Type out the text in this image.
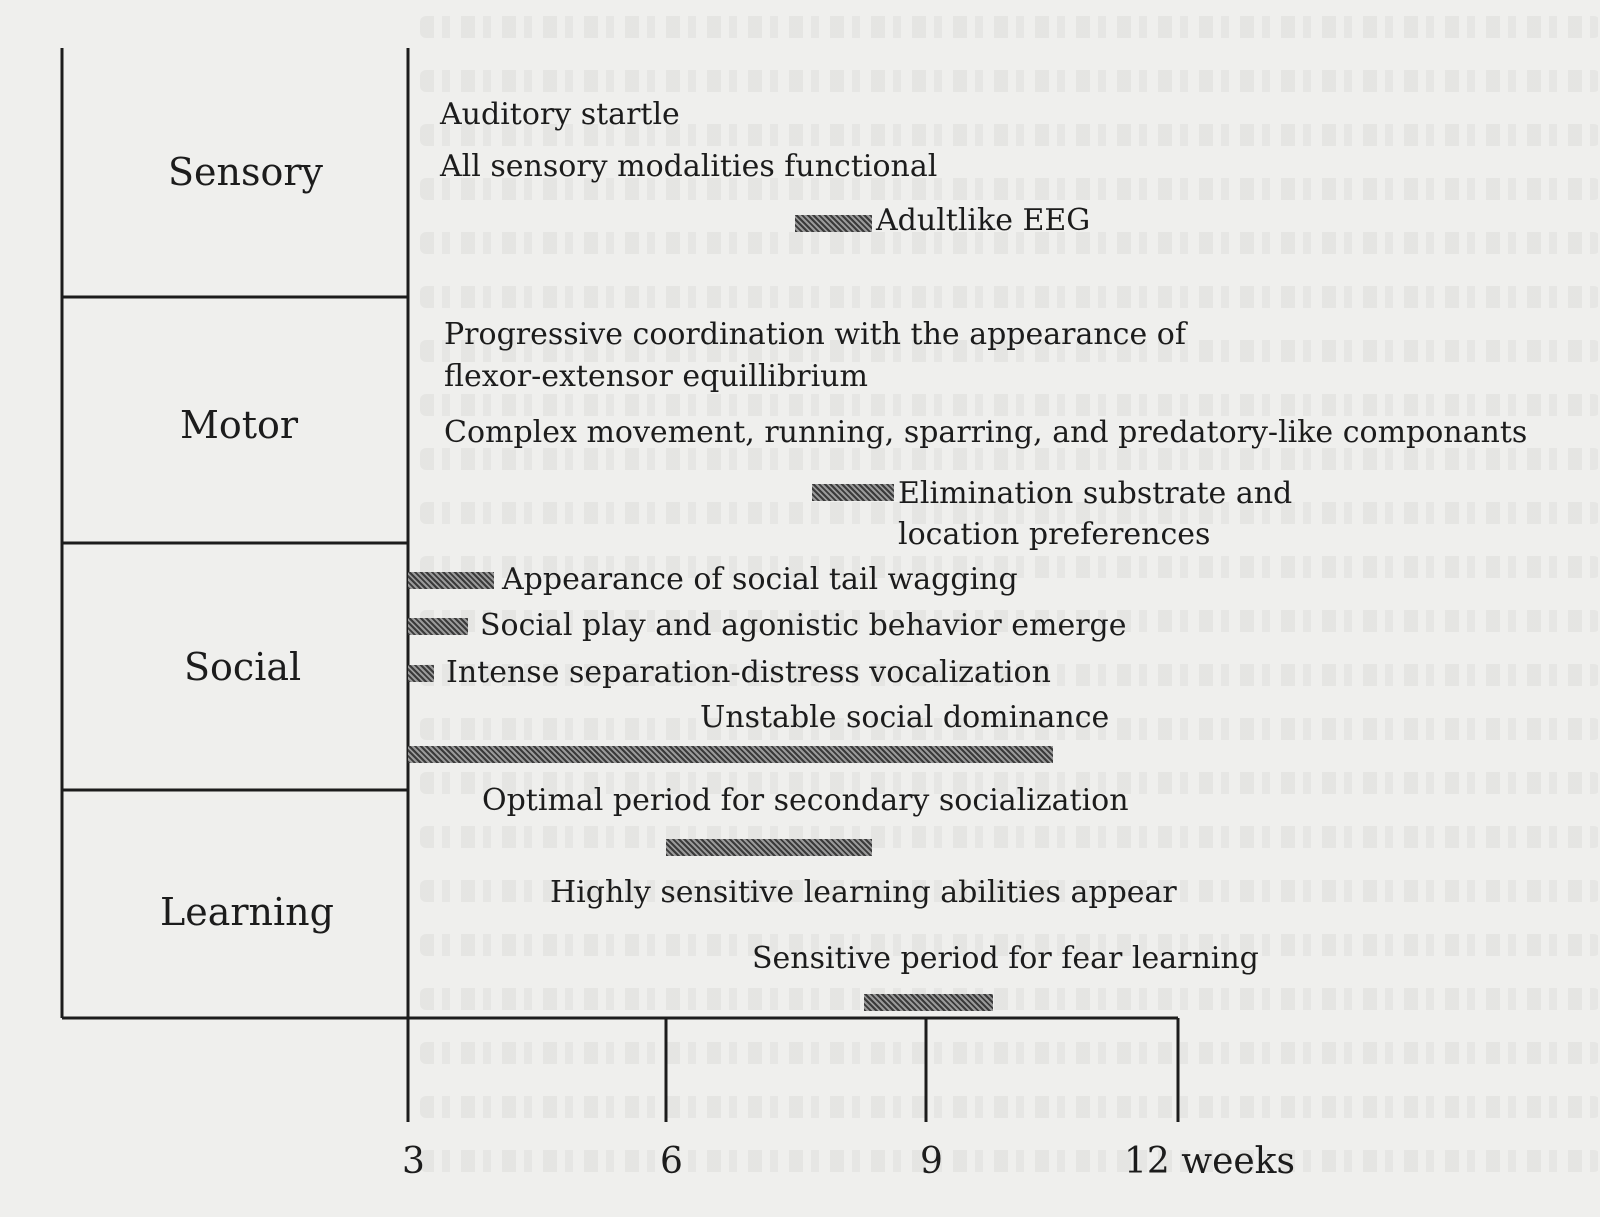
Sensory
Motor
Social
Learning
Auditory startle
All sensory modalities functional
Adultlike EEG
Progressive coordination with the appearance of
flexor-extensor equillibrium
Complex movement, running, sparring, and predatory-like componants
Elimination substrate and
location preferences
Appearance of social tail wagging
Social play and agonistic behavior emerge
Intense separation-distress vocalization
Unstable social dominance
Optimal period for secondary socialization
Highly sensitive learning abilities appear
Sensitive period for fear learning
3	6	9	12 weeks
